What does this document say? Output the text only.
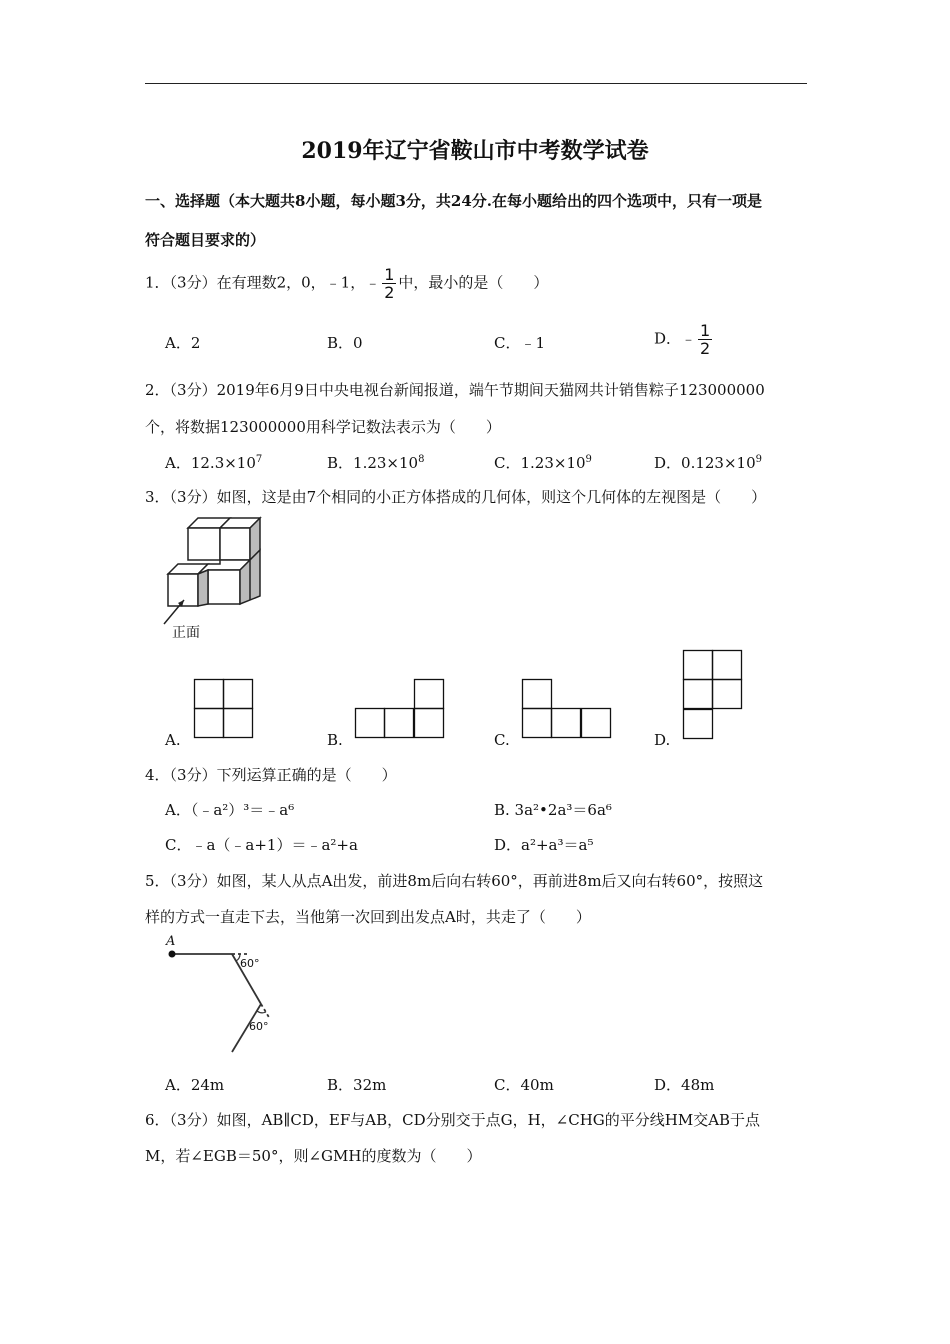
2019年辽宁省鞍山市中考数学试卷
一、选择题（本大题共8小题，每小题3分，共24分.在每小题给出的四个选项中，只有一项是
符合题目要求的）
1．（3分）在有理数2，0，﹣1，﹣ $\frac{1}{2}$ 中，最小的是（　　）
A．2	B．0	C．﹣1	D．﹣ $\frac{1}{2}$
2．（3分）2019年6月9日中央电视台新闻报道，端午节期间天猫网共计销售粽子123000000
个，将数据123000000用科学记数法表示为（　　）
A．$12.3\times 10^7$	B．$1.23\times 10^8$	C．$1.23\times 10^9$	D．$0.123\times 10^9$
3．（3分）如图，这是由7个相同的小正方体搭成的几何体，则这个几何体的左视图是（　　）
正面
A.	B.	C.	D.
4．（3分）下列运算正确的是（　　）
A．（﹣a²）³＝﹣a⁶	B. 3a²•2a³＝6a⁶
C．﹣a（﹣a+1）＝﹣a²+a	D．a²+a³＝a⁵
5．（3分）如图，某人从点A出发，前进8m后向右转60°，再前进8m后又向右转60°，按照这
样的方式一直走下去，当他第一次回到出发点A时，共走了（　　）
A
60°
60°
A．24m	B．32m	C．40m	D．48m
6．（3分）如图，AB∥CD，EF与AB，CD分别交于点G，H，∠CHG的平分线HM交AB于点
M，若∠EGB＝50°，则∠GMH的度数为（　　）
